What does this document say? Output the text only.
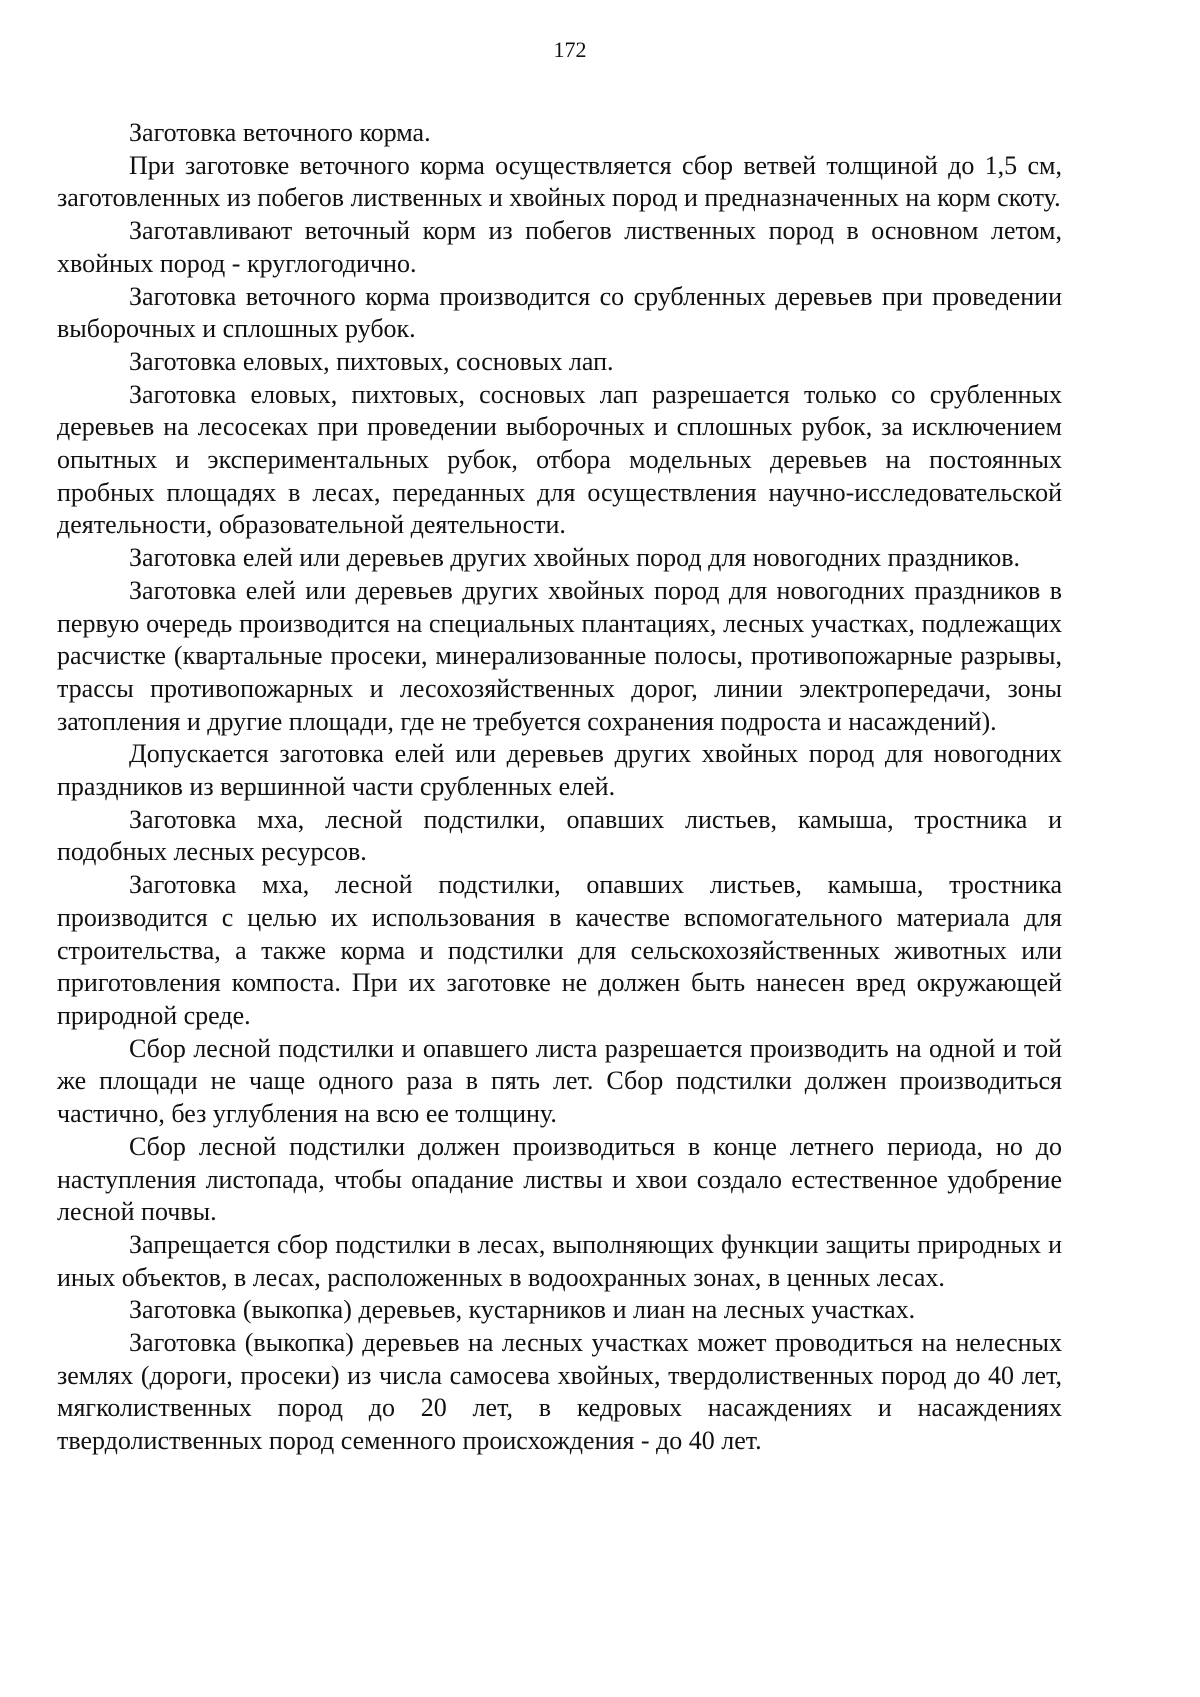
172

Заготовка веточного корма.

При заготовке веточного корма осуществляется сбор ветвей толщиной до 1,5 см, заготовленных из побегов лиственных и хвойных пород и предназначенных на корм скоту.

Заготавливают веточный корм из побегов лиственных пород в основном летом, хвойных пород - круглогодично.

Заготовка веточного корма производится со срубленных деревьев при проведении выборочных и сплошных рубок.

Заготовка еловых, пихтовых, сосновых лап.

Заготовка еловых, пихтовых, сосновых лап разрешается только со срубленных деревьев на лесосеках при проведении выборочных и сплошных рубок, за исключением опытных и экспериментальных рубок, отбора модельных деревьев на постоянных пробных площадях в лесах, переданных для осуществления научно-исследовательской деятельности, образовательной деятельности.

Заготовка елей или деревьев других хвойных пород для новогодних праздников.

Заготовка елей или деревьев других хвойных пород для новогодних праздников в первую очередь производится на специальных плантациях, лесных участках, подлежащих расчистке (квартальные просеки, минерализованные полосы, противопожарные разрывы, трассы противопожарных и лесохозяйственных дорог, линии электропередачи, зоны затопления и другие площади, где не требуется сохранения подроста и насаждений).

Допускается заготовка елей или деревьев других хвойных пород для новогодних праздников из вершинной части срубленных елей.

Заготовка мха, лесной подстилки, опавших листьев, камыша, тростника и подобных лесных ресурсов.

Заготовка мха, лесной подстилки, опавших листьев, камыша, тростника производится с целью их использования в качестве вспомогательного материала для строительства, а также корма и подстилки для сельскохозяйственных животных или приготовления компоста. При их заготовке не должен быть нанесен вред окружающей природной среде.

Сбор лесной подстилки и опавшего листа разрешается производить на одной и той же площади не чаще одного раза в пять лет. Сбор подстилки должен производиться частично, без углубления на всю ее толщину.

Сбор лесной подстилки должен производиться в конце летнего периода, но до наступления листопада, чтобы опадание листвы и хвои создало естественное удобрение лесной почвы.

Запрещается сбор подстилки в лесах, выполняющих функции защиты природных и иных объектов, в лесах, расположенных в водоохранных зонах, в ценных лесах.

Заготовка (выкопка) деревьев, кустарников и лиан на лесных участках.

Заготовка (выкопка) деревьев на лесных участках может проводиться на нелесных землях (дороги, просеки) из числа самосева хвойных, твердолиственных пород до 40 лет, мягколиственных пород до 20 лет, в кедровых насаждениях и насаждениях твердолиственных пород семенного происхождения - до 40 лет.
